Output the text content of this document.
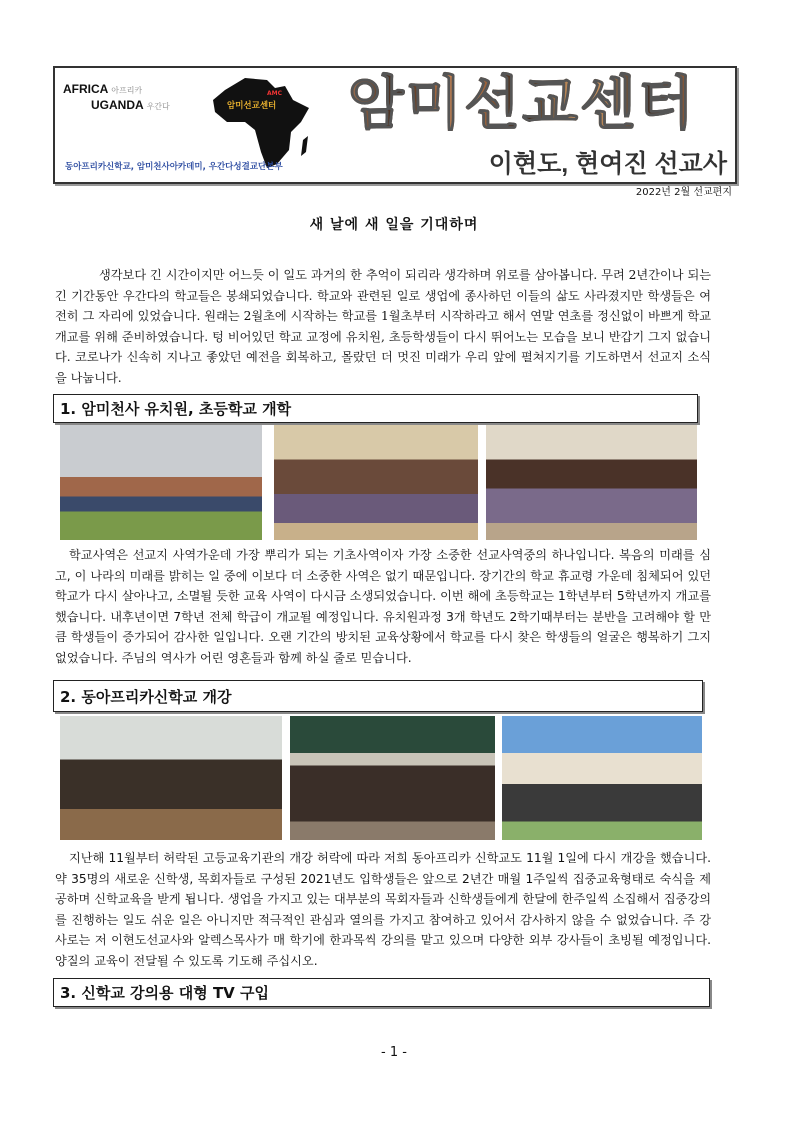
AFRICA 아프리카
UGANDA 우간다
AMC
암미선교센터	암미선교센터
이현도, 현여진 선교사
동아프리카신학교, 암미천사아카데미, 우간다성결교단본부
2022년 2월 선교편지
새 날에 새 일을 기대하며
생각보다 긴 시간이지만 어느듯 이 일도 과거의 한 추억이 되리라 생각하며 위로를 삼아봅니다. 무려 2년간이나 되는 긴 기간동안 우간다의 학교들은 봉쇄되었습니다. 학교와 관련된 일로 생업에 종사하던 이들의 삶도 사라졌지만 학생들은 여전히 그 자리에 있었습니다. 원래는 2월초에 시작하는 학교를 1월초부터 시작하라고 해서 연말 연초를 정신없이 바쁘게 학교 개교를 위해 준비하였습니다. 텅 비어있던 학교 교정에 유치원, 초등학생들이 다시 뛰어노는 모습을 보니 반갑기 그지 없습니다. 코로나가 신속히 지나고 좋았던 예전을 회복하고, 몰랐던 더 멋진 미래가 우리 앞에 펼쳐지기를 기도하면서 선교지 소식을 나눕니다.
1. 암미천사 유치원, 초등학교 개학
학교사역은 선교지 사역가운데 가장 뿌리가 되는 기초사역이자 가장 소중한 선교사역중의 하나입니다. 복음의 미래를 심고, 이 나라의 미래를 밝히는 일 중에 이보다 더 소중한 사역은 없기 때문입니다. 장기간의 학교 휴교령 가운데 침체되어 있던 학교가 다시 살아나고, 소멸될 듯한 교육 사역이 다시금 소생되었습니다. 이번 해에 초등학교는 1학년부터 5학년까지 개교를 했습니다. 내후년이면 7학년 전체 학급이 개교될 예정입니다. 유치원과정 3개 학년도 2학기때부터는 분반을 고려해야 할 만큼 학생들이 증가되어 감사한 일입니다. 오랜 기간의 방치된 교육상황에서 학교를 다시 찾은 학생들의 얼굴은 행복하기 그지 없었습니다. 주님의 역사가 어린 영혼들과 함께 하실 줄로 믿습니다.
2. 동아프리카신학교 개강
지난해 11월부터 허락된 고등교육기관의 개강 허락에 따라 저희 동아프리카 신학교도 11월 1일에 다시 개강을 했습니다. 약 35명의 새로운 신학생, 목회자들로 구성된 2021년도 입학생들은 앞으로 2년간 매월 1주일씩 집중교육형태로 숙식을 제공하며 신학교육을 받게 됩니다. 생업을 가지고 있는 대부분의 목회자들과 신학생들에게 한달에 한주일씩 소집해서 집중강의를 진행하는 일도 쉬운 일은 아니지만 적극적인 관심과 열의를 가지고 참여하고 있어서 감사하지 않을 수 없었습니다. 주 강사로는 저 이현도선교사와 알렉스목사가 매 학기에 한과목씩 강의를 맡고 있으며 다양한 외부 강사들이 초빙될 예정입니다. 양질의 교육이 전달될 수 있도록 기도해 주십시오.
3. 신학교 강의용 대형 TV 구입
- 1 -
